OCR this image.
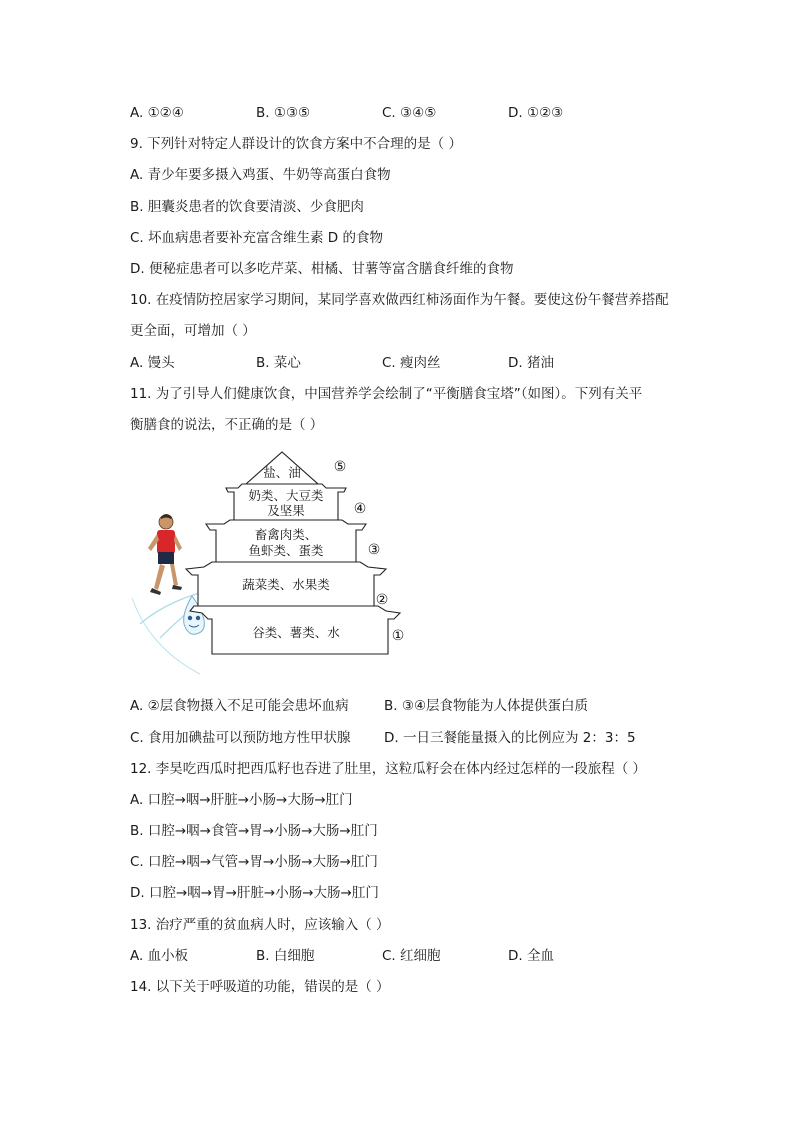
A. ①②④	B. ①③⑤	C. ③④⑤	D. ①②③
9. 下列针对特定人群设计的饮食方案中不合理的是（ ）
A. 青少年要多摄入鸡蛋、牛奶等高蛋白食物
B. 胆囊炎患者的饮食要清淡、少食肥肉
C. 坏血病患者要补充富含维生素 D 的食物
D. 便秘症患者可以多吃芹菜、柑橘、甘薯等富含膳食纤维的食物
10. 在疫情防控居家学习期间，某同学喜欢做西红柿汤面作为午餐。要使这份午餐营养搭配
更全面，可增加（ ）
A. 馒头	B. 菜心	C. 瘦肉丝	D. 猪油
11. 为了引导人们健康饮食，中国营养学会绘制了“平衡膳食宝塔”（如图）。下列有关平
衡膳食的说法，不正确的是（ ）
盐、油 ⑤
奶类、大豆类
及坚果	④
畜禽肉类、
鱼虾类、蛋类	③
蔬菜类、水果类
②
谷类、薯类、水	①
A. ②层食物摄入不足可能会患坏血病	B. ③④层食物能为人体提供蛋白质
C. 食用加碘盐可以预防地方性甲状腺 D. 一日三餐能量摄入的比例应为 2：3：5
12. 李昊吃西瓜时把西瓜籽也吞进了肚里，这粒瓜籽会在体内经过怎样的一段旅程（ ）
A. 口腔→咽→肝脏→小肠→大肠→肛门
B. 口腔→咽→食管→胃→小肠→大肠→肛门
C. 口腔→咽→气管→胃→小肠→大肠→肛门
D. 口腔→咽→胃→肝脏→小肠→大肠→肛门
13. 治疗严重的贫血病人时，应该输入（ ）
A. 血小板	B. 白细胞	C. 红细胞	D. 全血
14. 以下关于呼吸道的功能，错误的是（ ）
